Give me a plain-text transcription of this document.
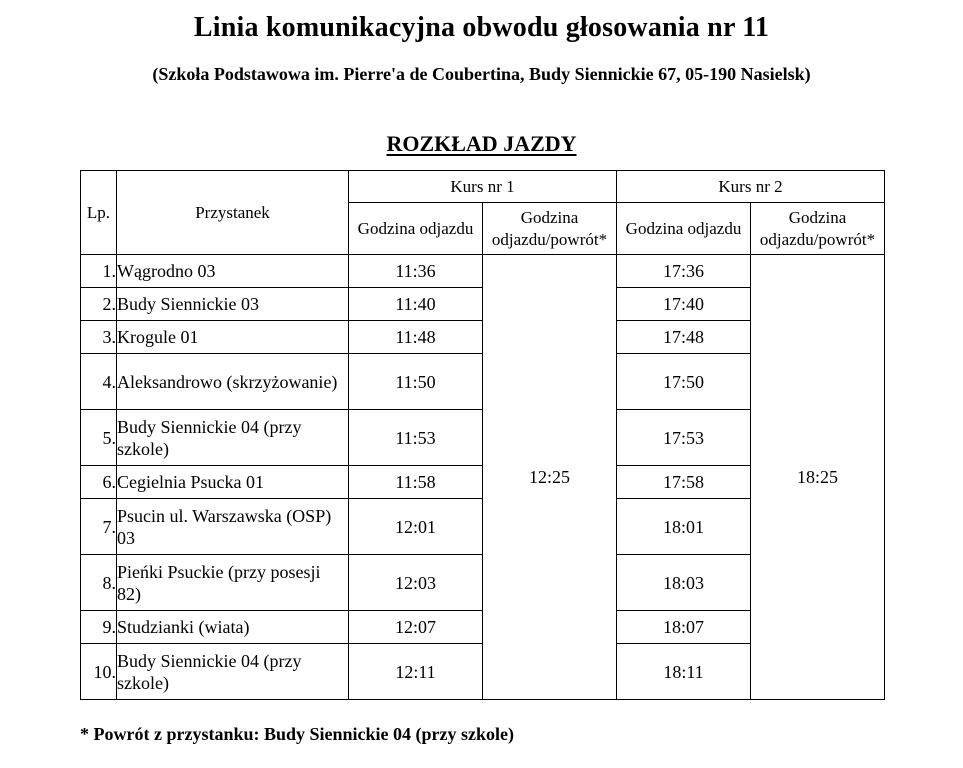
Linia komunikacyjna obwodu głosowania nr 11
(Szkoła Podstawowa im. Pierre'a de Coubertina, Budy Siennickie 67, 05-190 Nasielsk)
ROZKŁAD JAZDY
Lp.	Przystanek	Kurs nr 1		Kurs nr 2	
		Godzina odjazdu	Godzina odjazdu/powrót*	Godzina odjazdu	Godzina odjazdu/powrót*
1.	Wągrodno 03	11:36	12:25	17:36	18:25
2.	Budy Siennickie 03	11:40		17:40	
3.	Krogule 01	11:48		17:48	
4.	Aleksandrowo (skrzyżowanie)	11:50		17:50	
5.	Budy Siennickie 04 (przy szkole)	11:53		17:53	
6.	Cegielnia Psucka 01	11:58		17:58	
7.	Psucin ul. Warszawska (OSP) 03	12:01		18:01	
8.	Pieńki Psuckie (przy posesji 82)	12:03		18:03	
9.	Studzianki (wiata)	12:07		18:07	
10.	Budy Siennickie 04 (przy szkole)	12:11		18:11	
* Powrót z przystanku: Budy Siennickie 04 (przy szkole)
